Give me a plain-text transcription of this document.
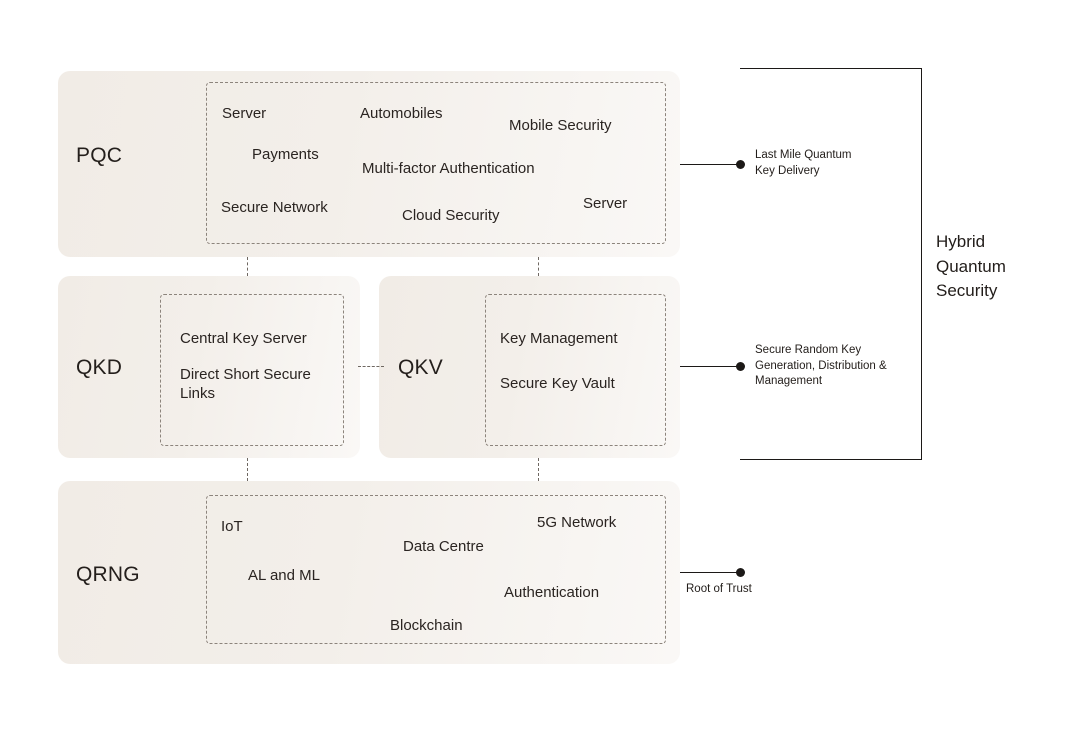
PQC
Server	Automobiles
Mobile Security
Payments
Multi-factor Authentication
Secure Network	Cloud Security
Server
QKD
Central Key Server
Direct Short Secure Links
QKV
Key Management
Secure Key Vault
QRNG
IoT	5G Network
Data Centre
AL and ML
Authentication
Blockchain
Last Mile Quantum
Key Delivery
Secure Random Key
Generation, Distribution &
Management
Root of Trust
Hybrid
Quantum
Security
